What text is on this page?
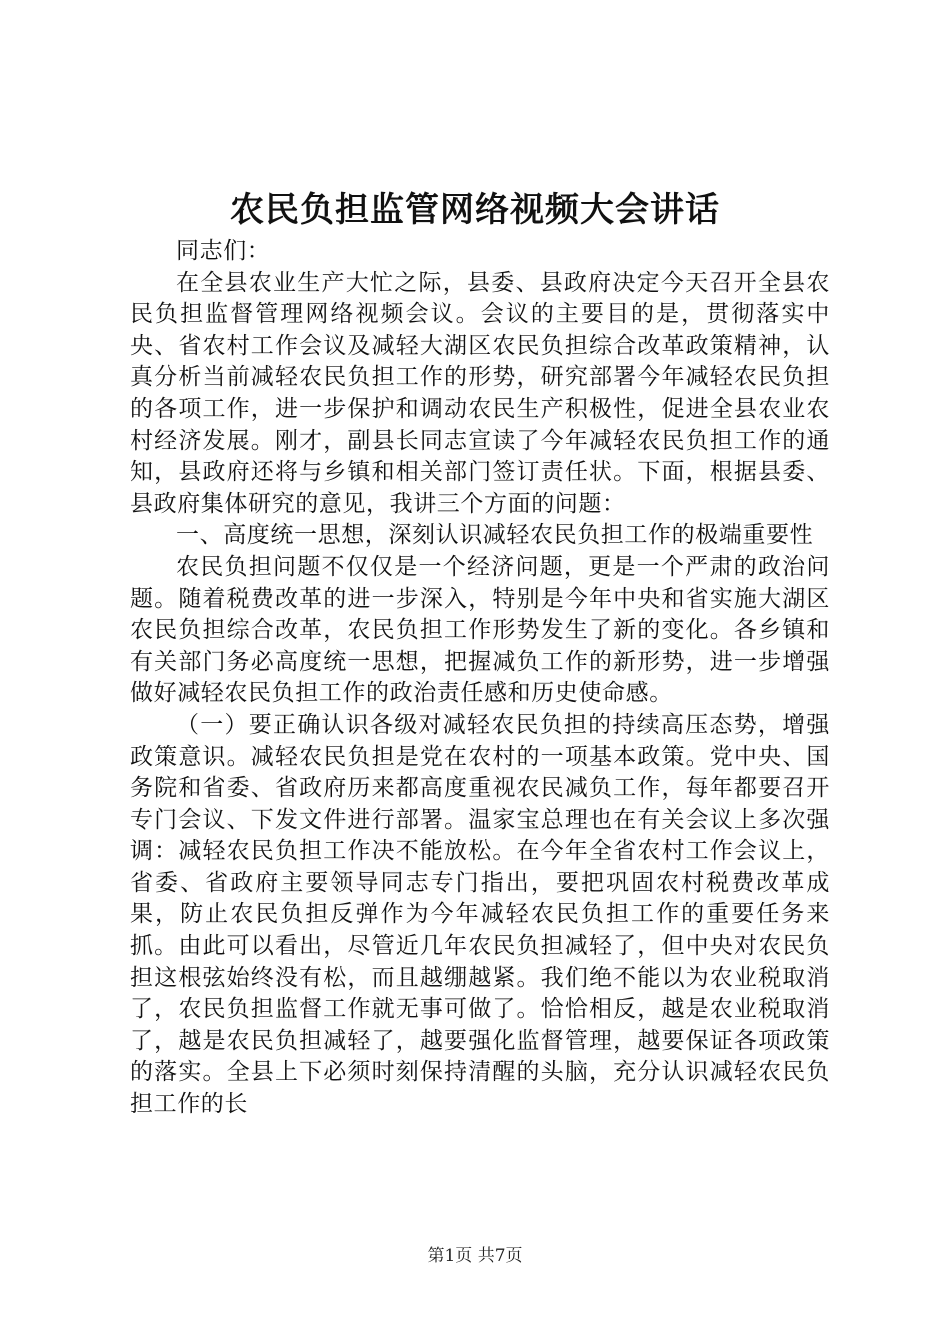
农民负担监管网络视频大会讲话

同志们：

在全县农业生产大忙之际，县委、县政府决定今天召开全县农民负担监督管理网络视频会议。会议的主要目的是，贯彻落实中央、省农村工作会议及减轻大湖区农民负担综合改革政策精神，认真分析当前减轻农民负担工作的形势，研究部署今年减轻农民负担的各项工作，进一步保护和调动农民生产积极性，促进全县农业农村经济发展。刚才，副县长同志宣读了今年减轻农民负担工作的通知，县政府还将与乡镇和相关部门签订责任状。下面，根据县委、县政府集体研究的意见，我讲三个方面的问题：

一、高度统一思想，深刻认识减轻农民负担工作的极端重要性

农民负担问题不仅仅是一个经济问题，更是一个严肃的政治问题。随着税费改革的进一步深入，特别是今年中央和省实施大湖区农民负担综合改革，农民负担工作形势发生了新的变化。各乡镇和有关部门务必高度统一思想，把握减负工作的新形势，进一步增强做好减轻农民负担工作的政治责任感和历史使命感。

（一）要正确认识各级对减轻农民负担的持续高压态势，增强政策意识。减轻农民负担是党在农村的一项基本政策。党中央、国务院和省委、省政府历来都高度重视农民减负工作，每年都要召开专门会议、下发文件进行部署。温家宝总理也在有关会议上多次强调：减轻农民负担工作决不能放松。在今年全省农村工作会议上，省委、省政府主要领导同志专门指出，要把巩固农村税费改革成果，防止农民负担反弹作为今年减轻农民负担工作的重要任务来抓。由此可以看出，尽管近几年农民负担减轻了，但中央对农民负担这根弦始终没有松，而且越绷越紧。我们绝不能以为农业税取消了，农民负担监督工作就无事可做了。恰恰相反，越是农业税取消了，越是农民负担减轻了，越要强化监督管理，越要保证各项政策的落实。全县上下必须时刻保持清醒的头脑，充分认识减轻农民负担工作的长

第1页 共7页
